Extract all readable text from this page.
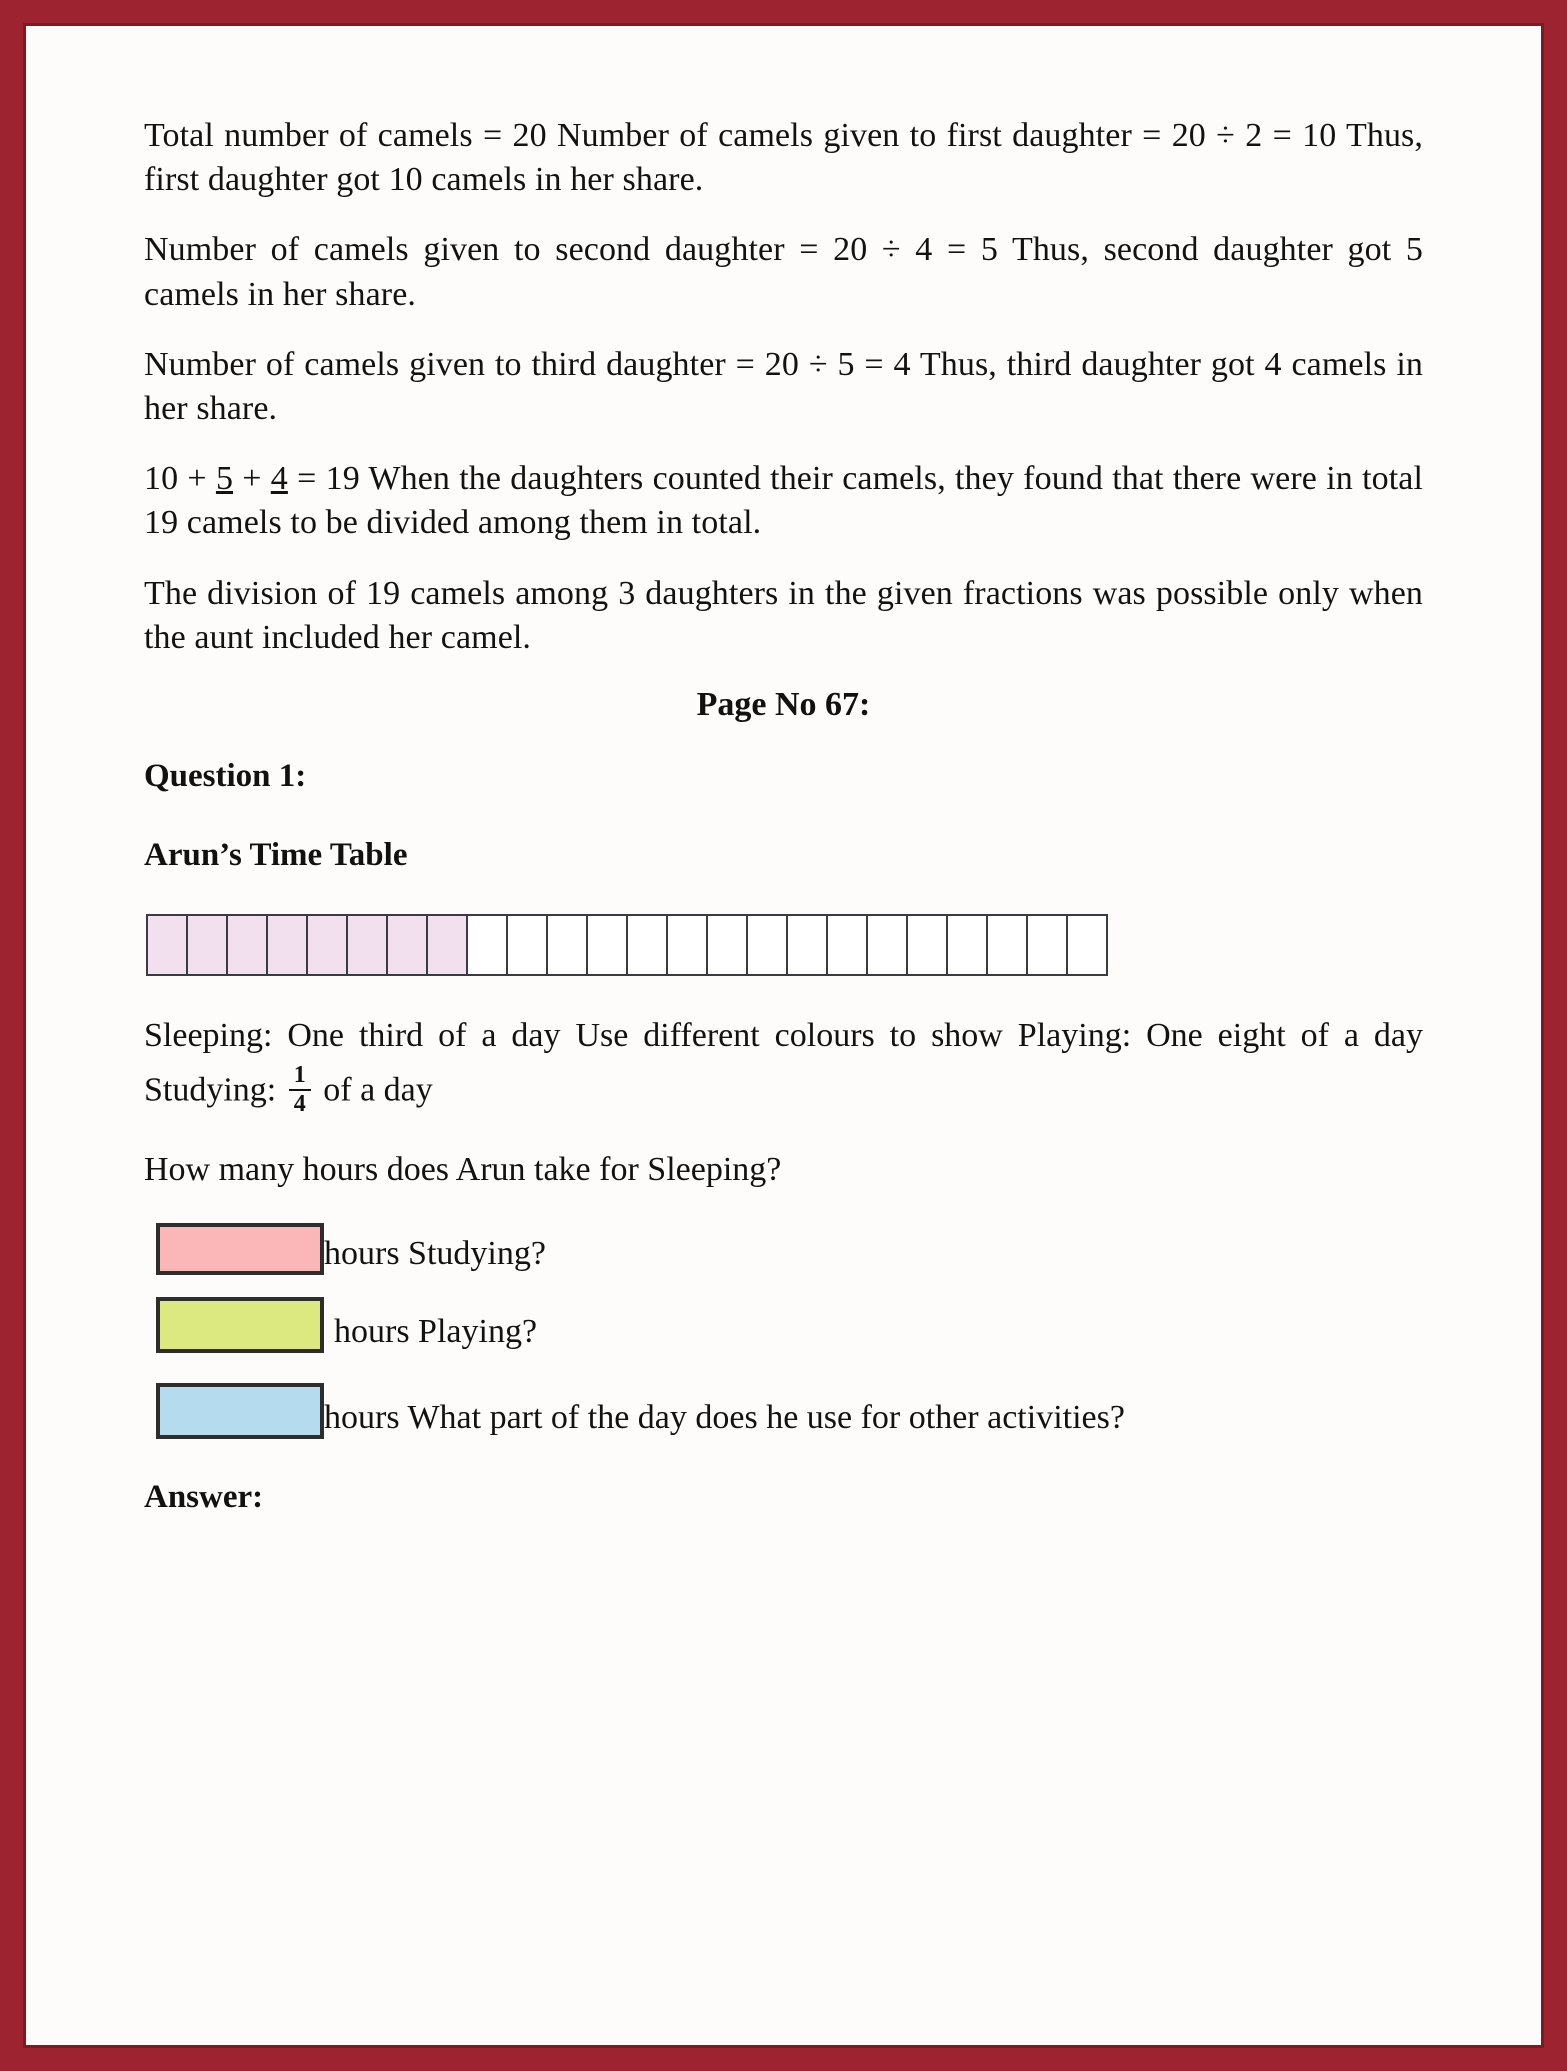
Total number of camels = 20 Number of camels given to first daughter = 20 ÷ 2 = 10 Thus, first daughter got 10 camels in her share.

Number of camels given to second daughter = 20 ÷ 4 = 5 Thus, second daughter got 5 camels in her share.

Number of camels given to third daughter = 20 ÷ 5 = 4 Thus, third daughter got 4 camels in her share.

10 + 5 + 4 = 19 When the daughters counted their camels, they found that there were in total 19 camels to be divided among them in total.

The division of 19 camels among 3 daughters in the given fractions was possible only when the aunt included her camel.

Page No 67:
Question 1:
Arun’s Time Table

Sleeping: One third of a day Use different colours to show Playing: One eight of a day Studying: $\frac{1}{4}$ of a day

How many hours does Arun take for Sleeping?

hours Studying?
hours Playing?
hours What part of the day does he use for other activities?
Answer:
